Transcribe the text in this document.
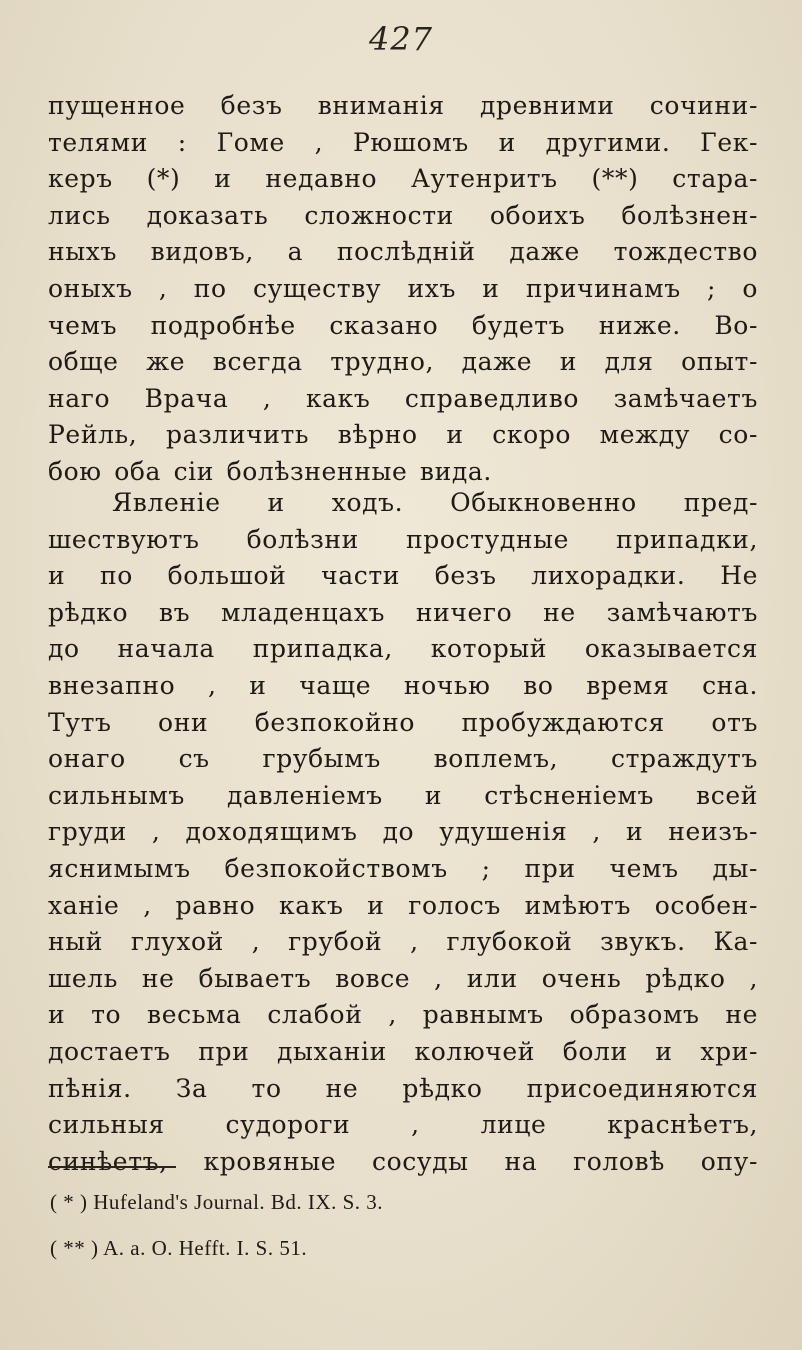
427
пущенное безъ вниманія древними сочини-
телями : Гоме , Рюшомъ и другими. Гек-
керъ (*) и недавно Аутенритъ (**) стара-
лись доказать сложности обоихъ болѣзнен-
ныхъ видовъ, а послѣдній даже тождество
оныхъ , по существу ихъ и причинамъ ; о
чемъ подробнѣе сказано будетъ ниже. Во-
обще же всегда трудно, даже и для опыт-
наго Врача , какъ справедливо замѣчаетъ
Рейль, различить вѣрно и скоро между со-
бою оба сіи болѣзненные вида.
Явленіе и ходъ. Обыкновенно пред-
шествуютъ болѣзни простудные припадки,
и по большой части безъ лихорадки. Не
рѣдко въ младенцахъ ничего не замѣчаютъ
до начала припадка, который оказывается
внезапно , и чаще ночью во время сна.
Тутъ они безпокойно пробуждаются отъ
онаго съ грубымъ воплемъ, страждутъ
сильнымъ давленіемъ и стѣсненіемъ всей
груди , доходящимъ до удушенія , и неизъ-
яснимымъ безпокойствомъ ; при чемъ ды-
ханіе , равно какъ и голосъ имѣютъ особен-
ный глухой , грубой , глубокой звукъ. Ка-
шель не бываетъ вовсе , или очень рѣдко ,
и то весьма слабой , равнымъ образомъ не
достаетъ при дыханіи колючей боли и хри-
пѣнія. За то не рѣдко присоединяются
сильныя судороги , лице краснѣетъ,
синѣетъ, кровяные сосуды на головѣ опу-
( * ) Hufeland's Journal. Bd. IX. S. 3.
( ** ) A. a. O. Hefft. I. S. 51.
